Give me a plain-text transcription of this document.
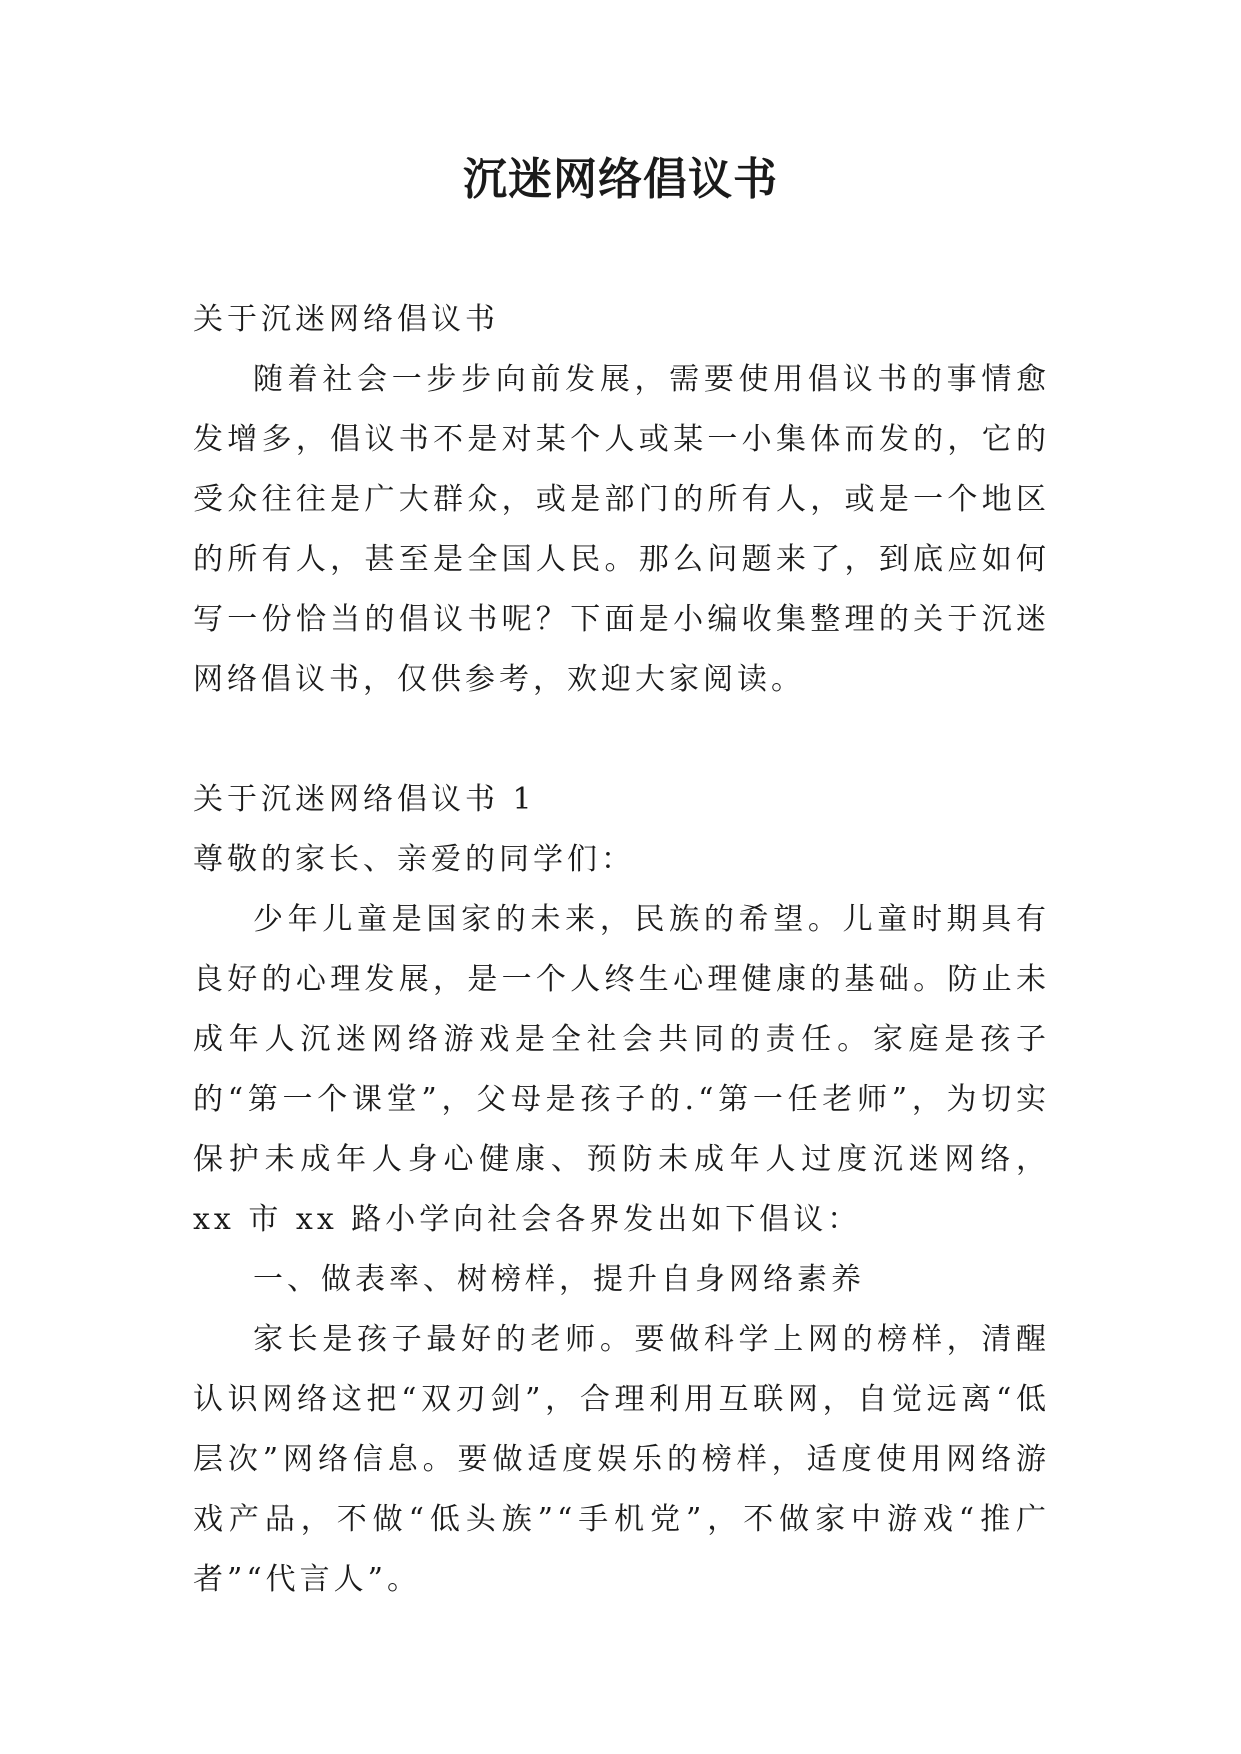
沉迷网络倡议书

关于沉迷网络倡议书

随着社会一步步向前发展，需要使用倡议书的事情愈发增多，倡议书不是对某个人或某一小集体而发的，它的受众往往是广大群众，或是部门的所有人，或是一个地区的所有人，甚至是全国人民。那么问题来了，到底应如何写一份恰当的倡议书呢？下面是小编收集整理的关于沉迷网络倡议书，仅供参考，欢迎大家阅读。

关于沉迷网络倡议书 1

尊敬的家长、亲爱的同学们：

少年儿童是国家的未来，民族的希望。儿童时期具有良好的心理发展，是一个人终生心理健康的基础。防止未成年人沉迷网络游戏是全社会共同的责任。家庭是孩子的“第一个课堂”，父母是孩子的.“第一任老师”，为切实保护未成年人身心健康、预防未成年人过度沉迷网络，xx 市 xx 路小学向社会各界发出如下倡议：

一、做表率、树榜样，提升自身网络素养

家长是孩子最好的老师。要做科学上网的榜样，清醒认识网络这把“双刃剑”，合理利用互联网，自觉远离“低层次”网络信息。要做适度娱乐的榜样，适度使用网络游戏产品，不做“低头族”“手机党”，不做家中游戏“推广者”“代言人”。
